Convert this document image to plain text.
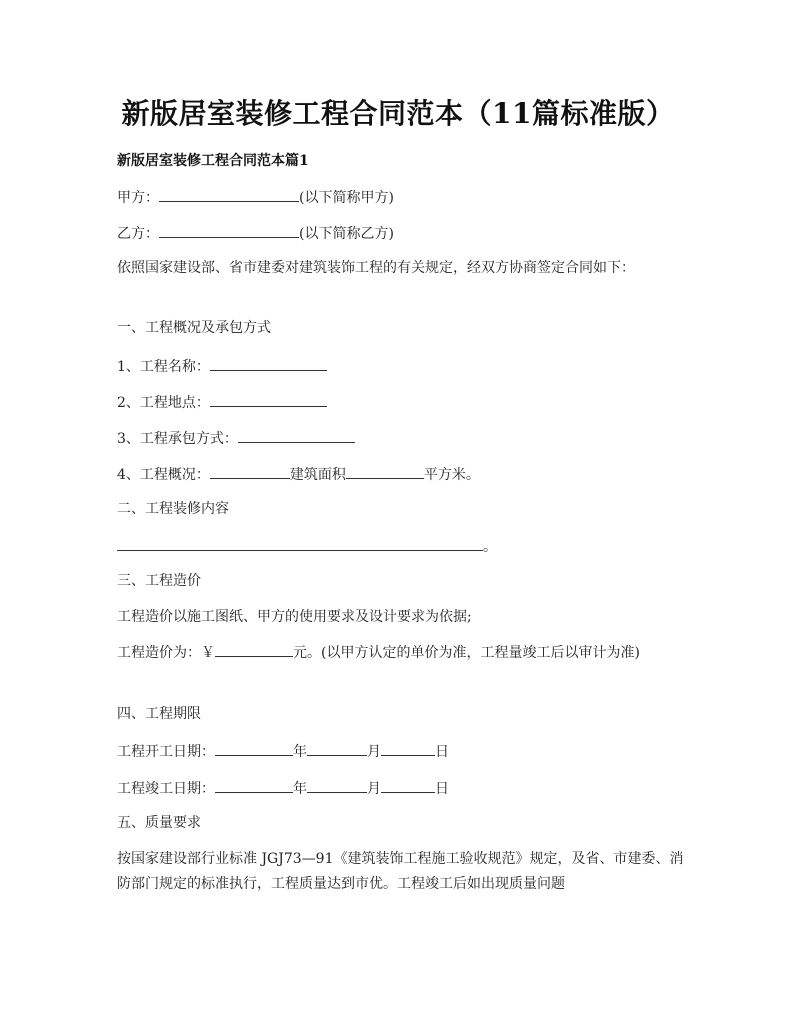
新版居室装修工程合同范本（11篇标准版）
新版居室装修工程合同范本篇1
甲方：	(以下简称甲方)
乙方：	(以下简称乙方)
依照国家建设部、省市建委对建筑装饰工程的有关规定，经双方协商签定合同如下：
一、工程概况及承包方式
1、工程名称：
2、工程地点：
3、工程承包方式：
4、工程概况：	建筑面积	平方米。
二、工程装修内容
。
三、工程造价
工程造价以施工图纸、甲方的使用要求及设计要求为依据;
工程造价为：￥	元。(以甲方认定的单价为准，工程量竣工后以审计为准)
四、工程期限
工程开工日期：	年	月	日
工程竣工日期：	年	月	日
五、质量要求
按国家建设部行业标准 JGJ73—91《建筑装饰工程施工验收规范》规定，及省、市建委、消防部门规定的标准执行，工程质量达到市优。工程竣工后如出现质量问题
